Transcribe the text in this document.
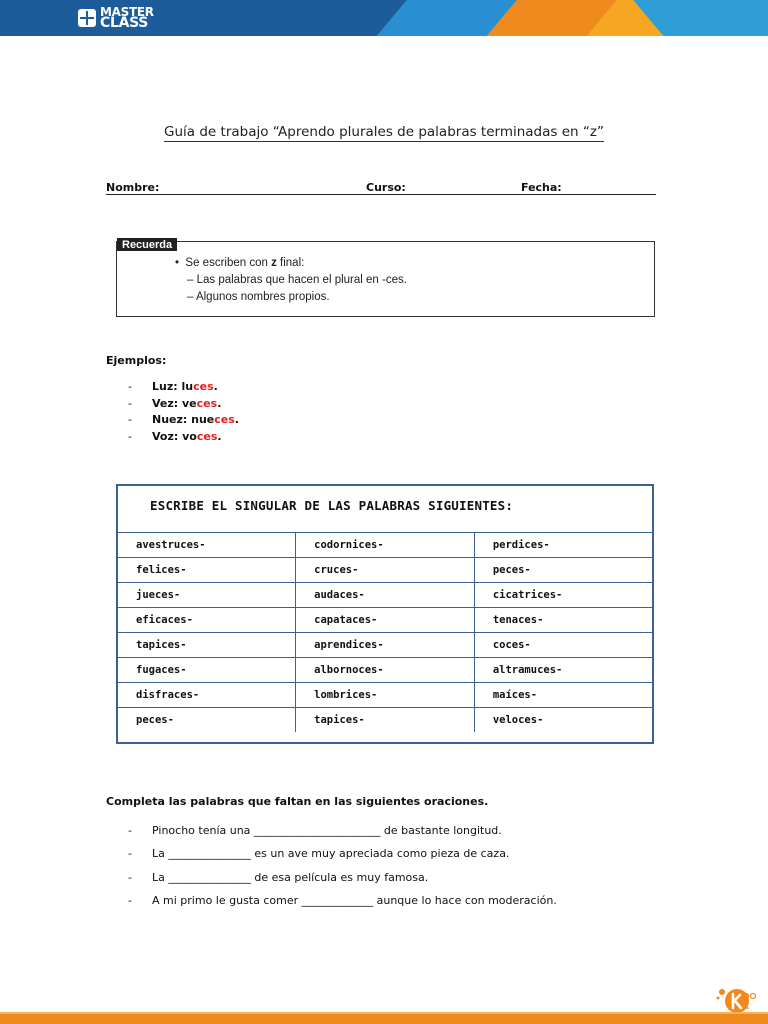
MASTER
CLASS
Guía de trabajo “Aprendo plurales de palabras terminadas en “z”
Nombre:	Curso:	Fecha:
Recuerda
•  Se escriben con z final:
– Las palabras que hacen el plural en -ces.
– Algunos nombres propios.
Ejemplos:
- Luz: luces.
- Vez: veces.
- Nuez: nueces.
- Voz: voces.
ESCRIBE EL SINGULAR DE LAS PALABRAS SIGUIENTES:
avestruces-	codornices-	perdices-
felices-	cruces-	peces-
jueces-	audaces-	cicatrices-
eficaces-	capataces-	tenaces-
tapices-	aprendices-	coces-
fugaces-	albornoces-	altramuces-
disfraces-	lombrices-	maíces-
peces-	tapices-	veloces-
Completa las palabras que faltan en las siguientes oraciones.
- Pinocho tenía una _______________________ de bastante longitud.
- La _______________ es un ave muy apreciada como pieza de caza.
- La _______________ de esa película es muy famosa.
- A mi primo le gusta comer _____________ aunque lo hace con moderación.
